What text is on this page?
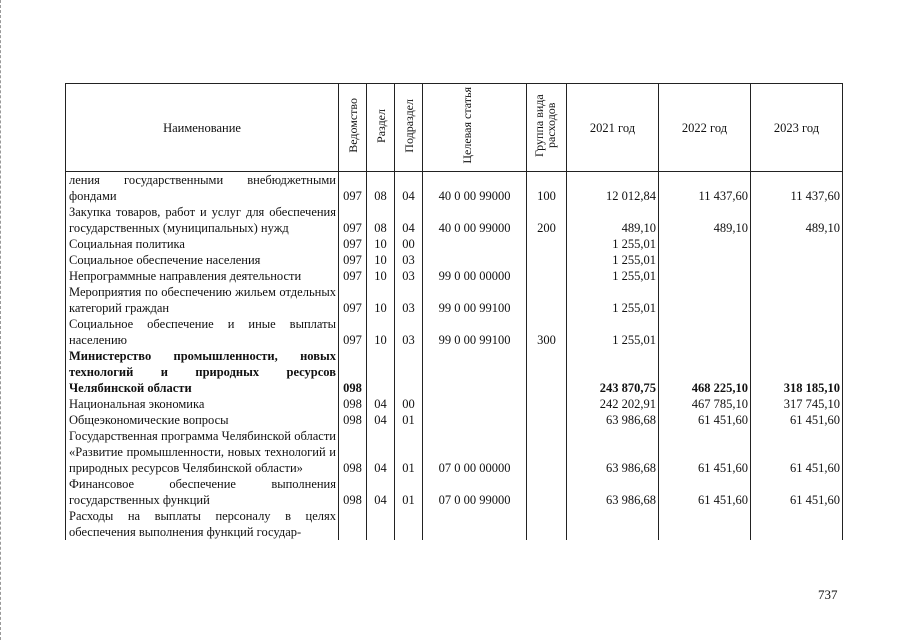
Наименование	Ведомство	Раздел	Подраздел	Целевая статья	Группа вида расходов	2021 год	2022 год	2023 год
ления государственными внебюджетными фондами	097	08	04	40 0 00 99000	100	12 012,84	11 437,60	11 437,60
Закупка товаров, работ и услуг для обеспечения государственных (муниципальных) нужд	097	08	04	40 0 00 99000	200	489,10	489,10	489,10
Социальная политика	097	10	00			1 255,01		
Социальное обеспечение населения	097	10	03			1 255,01		
Непрограммные направления деятельности	097	10	03	99 0 00 00000		1 255,01		
Мероприятия по обеспечению жильем отдельных категорий граждан	097	10	03	99 0 00 99100		1 255,01		
Социальное обеспечение и иные выплаты населению	097	10	03	99 0 00 99100	300	1 255,01		
Министерство промышленности, новых технологий и природных ресурсов Челябинской области	098					243 870,75	468 225,10	318 185,10
Национальная экономика	098	04	00			242 202,91	467 785,10	317 745,10
Общеэкономические вопросы	098	04	01			63 986,68	61 451,60	61 451,60
Государственная программа Челябинской области «Развитие промышленности, новых технологий и природных ресурсов Челябинской области»	098	04	01	07 0 00 00000		63 986,68	61 451,60	61 451,60
Финансовое обеспечение выполнения государственных функций	098	04	01	07 0 00 99000		63 986,68	61 451,60	61 451,60
Расходы на выплаты персоналу в целях обеспечения выполнения функций государ-								
737
